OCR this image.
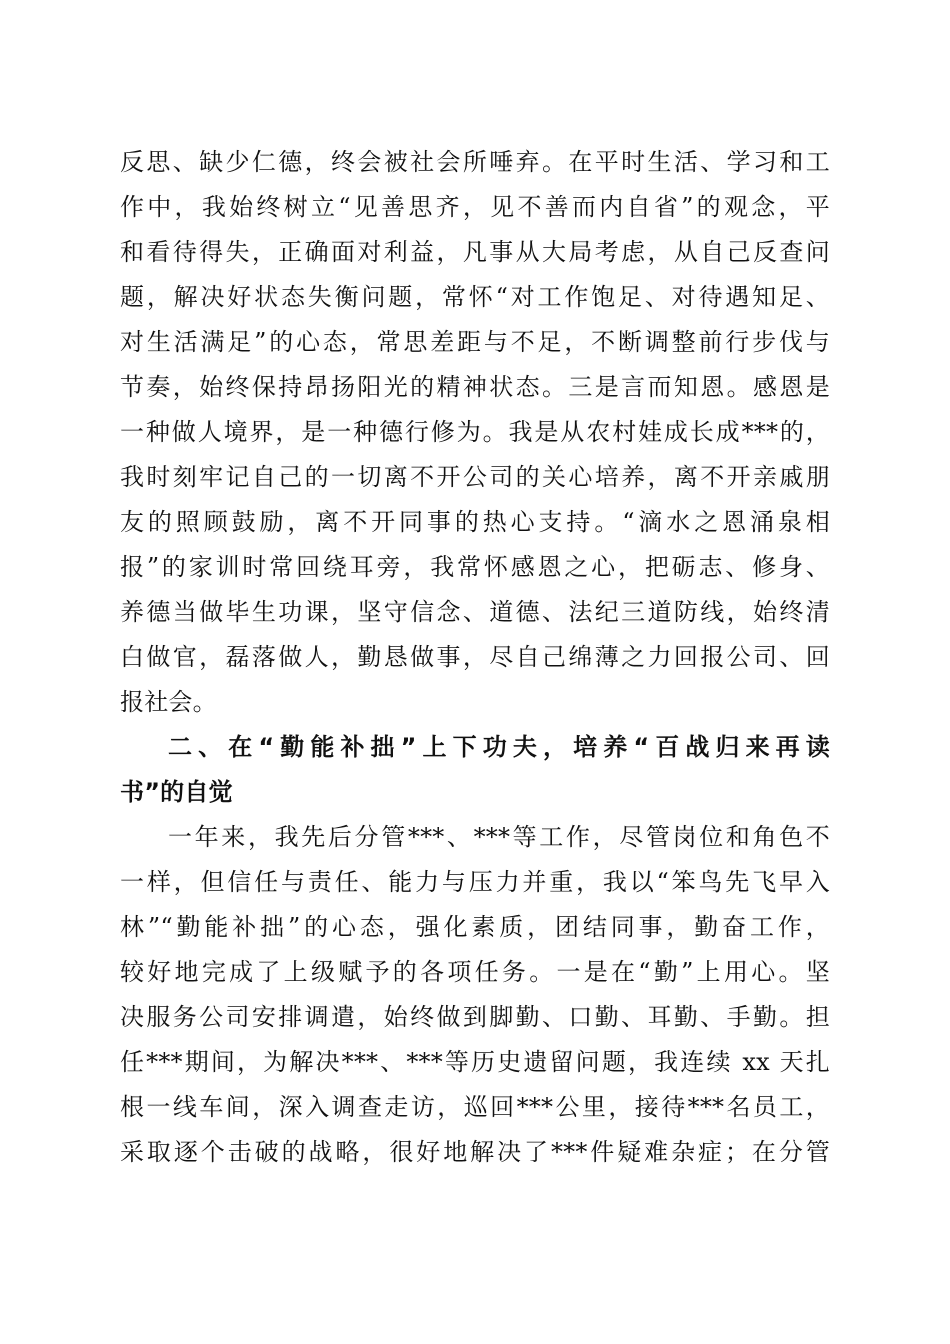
反思、缺少仁德，终会被社会所唾弃。在平时生活、学习和工
作中，我始终树立“见善思齐，见不善而内自省”的观念，平
和看待得失，正确面对利益，凡事从大局考虑，从自己反查问
题，解决好状态失衡问题，常怀“对工作饱足、对待遇知足、
对生活满足”的心态，常思差距与不足，不断调整前行步伐与
节奏，始终保持昂扬阳光的精神状态。三是言而知恩。感恩是
一种做人境界，是一种德行修为。我是从农村娃成长成***的，
我时刻牢记自己的一切离不开公司的关心培养，离不开亲戚朋
友的照顾鼓励，离不开同事的热心支持。“滴水之恩涌泉相
报”的家训时常回绕耳旁，我常怀感恩之心，把砺志、修身、
养德当做毕生功课，坚守信念、道德、法纪三道防线，始终清
白做官，磊落做人，勤恳做事，尽自己绵薄之力回报公司、回
报社会。
二、在“勤能补拙”上下功夫，培养“百战归来再读
书”的自觉
一年来，我先后分管***、***等工作，尽管岗位和角色不
一样，但信任与责任、能力与压力并重，我以“笨鸟先飞早入
林”“勤能补拙”的心态，强化素质，团结同事，勤奋工作，
较好地完成了上级赋予的各项任务。一是在“勤”上用心。坚
决服务公司安排调遣，始终做到脚勤、口勤、耳勤、手勤。担
任***期间，为解决***、***等历史遗留问题，我连续 xx 天扎
根一线车间，深入调查走访，巡回***公里，接待***名员工，
采取逐个击破的战略，很好地解决了***件疑难杂症；在分管
